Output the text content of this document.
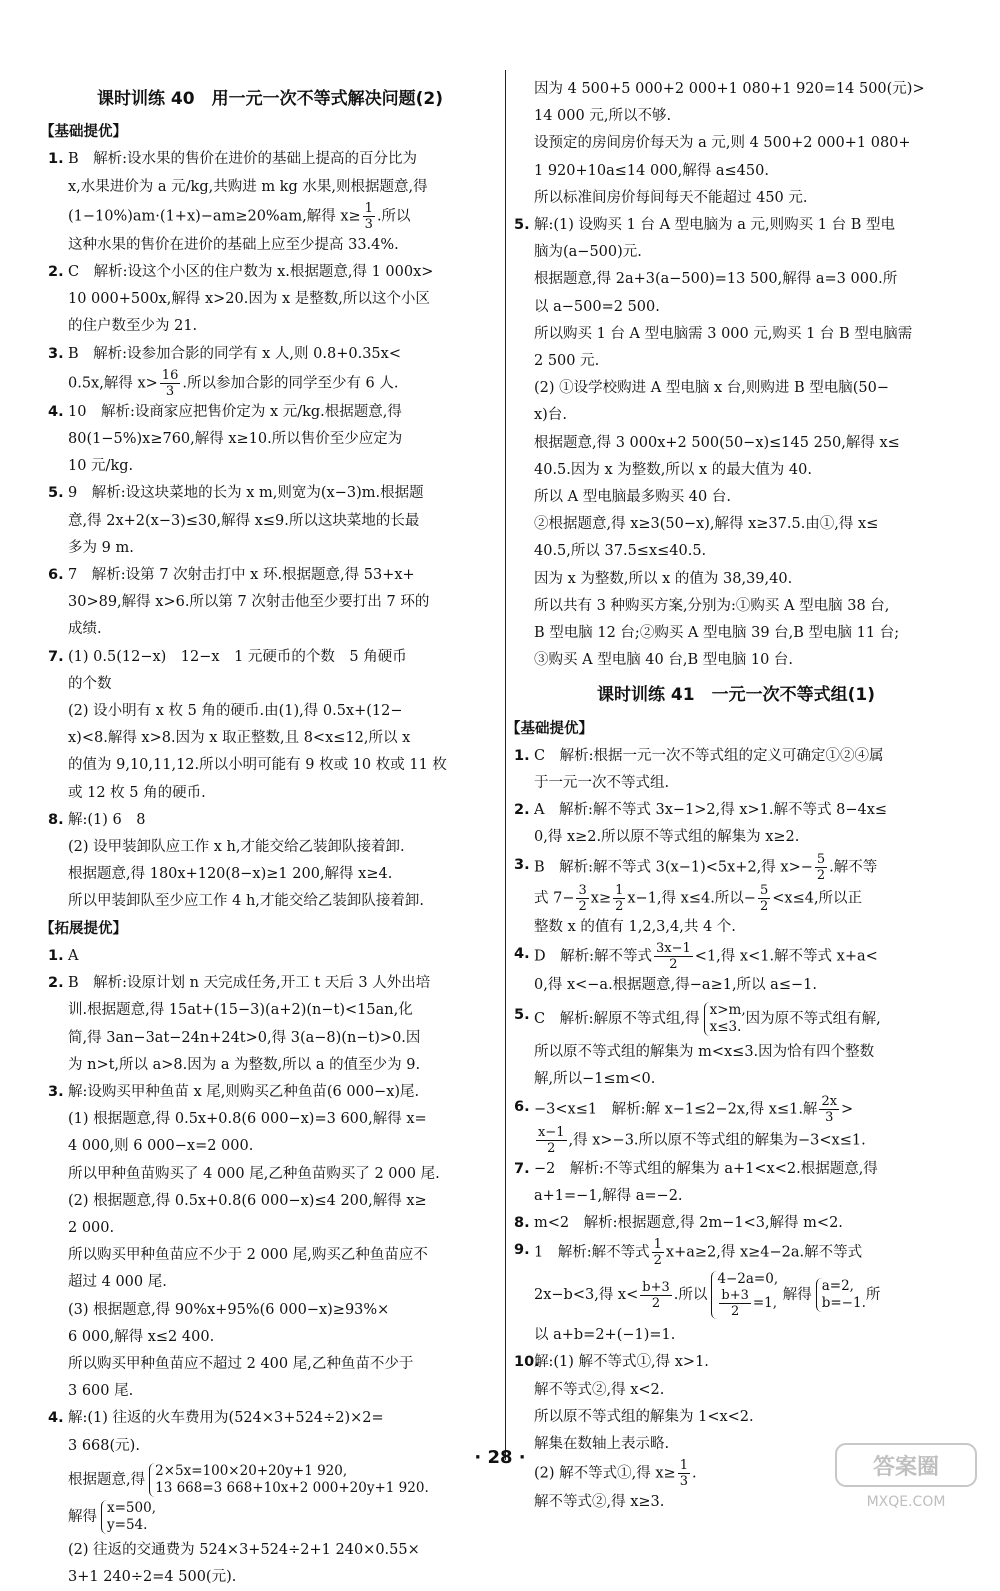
课时训练 40　用一元一次不等式解决问题(2)
【基础提优】
1. B　解析:设水果的售价在进价的基础上提高的百分比为
x,水果进价为 a 元/kg,共购进 m kg 水果,则根据题意,得
(1−10%)am·(1+x)−am≥20%am,解得 $x\ge \frac{1}{3}$ .所以
这种水果的售价在进价的基础上应至少提高 33.4%.
2. C　解析:设这个小区的住户数为 x.根据题意,得 1 000x>
10 000+500x,解得 x>20.因为 x 是整数,所以这个小区
的住户数至少为 21.
3. B　解析:设参加合影的同学有 x 人,则 0.8+0.35x<
0.5x,解得 $x> \frac{16}{3}$ .所以参加合影的同学至少有 6 人.
4. 10　解析:设商家应把售价定为 x 元/kg.根据题意,得
80(1−5%)x≥760,解得 x≥10.所以售价至少应定为
10 元/kg.
5. 9　解析:设这块菜地的长为 x m,则宽为(x−3)m.根据题
意,得 2x+2(x−3)≤30,解得 x≤9.所以这块菜地的长最
多为 9 m.
6. 7　解析:设第 7 次射击打中 x 环.根据题意,得 53+x+
30>89,解得 x>6.所以第 7 次射击他至少要打出 7 环的
成绩.
7. (1) 0.5(12−x)　12−x　1 元硬币的个数　5 角硬币
的个数
(2) 设小明有 x 枚 5 角的硬币.由(1),得 0.5x+(12−
x)<8.解得 x>8.因为 x 取正整数,且 8<x≤12,所以 x
的值为 9,10,11,12.所以小明可能有 9 枚或 10 枚或 11 枚
或 12 枚 5 角的硬币.
8. 解:(1) 6　8
(2) 设甲装卸队应工作 x h,才能交给乙装卸队接着卸.
根据题意,得 180x+120(8−x)≥1 200,解得 x≥4.
所以甲装卸队至少应工作 4 h,才能交给乙装卸队接着卸.
【拓展提优】
1. A
2. B　解析:设原计划 n 天完成任务,开工 t 天后 3 人外出培
训.根据题意,得 15at+(15−3)(a+2)(n−t)<15an,化
简,得 3an−3at−24n+24t>0,得 3(a−8)(n−t)>0.因
为 n>t,所以 a>8.因为 a 为整数,所以 a 的值至少为 9.
3. 解:设购买甲种鱼苗 x 尾,则购买乙种鱼苗(6 000−x)尾.
(1) 根据题意,得 0.5x+0.8(6 000−x)=3 600,解得 x=
4 000,则 6 000−x=2 000.
所以甲种鱼苗购买了 4 000 尾,乙种鱼苗购买了 2 000 尾.
(2) 根据题意,得 0.5x+0.8(6 000−x)≤4 200,解得 x≥
2 000.
所以购买甲种鱼苗应不少于 2 000 尾,购买乙种鱼苗应不
超过 4 000 尾.
(3) 根据题意,得 90%x+95%(6 000−x)≥93%×
6 000,解得 x≤2 400.
所以购买甲种鱼苗应不超过 2 400 尾,乙种鱼苗不少于
3 600 尾.
4. 解:(1) 往返的火车费用为(524×3+524÷2)×2=
3 668(元).
根据题意,得
2×5x=100×20+20y+1 920,
13 668=3 668+10x+2 000+20y+1 920.
解得
x=500,
y=54.
(2) 往返的交通费为 524×3+524÷2+1 240×0.55×
3+1 240÷2=4 500(元).
因为 4 500+5 000+2 000+1 080+1 920=14 500(元)>
14 000 元,所以不够.
设预定的房间房价每天为 a 元,则 4 500+2 000+1 080+
1 920+10a≤14 000,解得 a≤450.
所以标准间房价每间每天不能超过 450 元.
5. 解:(1) 设购买 1 台 A 型电脑为 a 元,则购买 1 台 B 型电
脑为(a−500)元.
根据题意,得 2a+3(a−500)=13 500,解得 a=3 000.所
以 a−500=2 500.
所以购买 1 台 A 型电脑需 3 000 元,购买 1 台 B 型电脑需
2 500 元.
(2) ①设学校购进 A 型电脑 x 台,则购进 B 型电脑(50−
x)台.
根据题意,得 3 000x+2 500(50−x)≤145 250,解得 x≤
40.5.因为 x 为整数,所以 x 的最大值为 40.
所以 A 型电脑最多购买 40 台.
②根据题意,得 x≥3(50−x),解得 x≥37.5.由①,得 x≤
40.5,所以 37.5≤x≤40.5.
因为 x 为整数,所以 x 的值为 38,39,40.
所以共有 3 种购买方案,分别为:①购买 A 型电脑 38 台,
B 型电脑 12 台;②购买 A 型电脑 39 台,B 型电脑 11 台;
③购买 A 型电脑 40 台,B 型电脑 10 台.
课时训练 41　一元一次不等式组(1)
【基础提优】
1. C　解析:根据一元一次不等式组的定义可确定①②④属
于一元一次不等式组.
2. A　解析:解不等式 3x−1>2,得 x>1.解不等式 8−4x≤
0,得 x≥2.所以原不等式组的解集为 x≥2.
3. B　解析:解不等式 3(x−1)<5x+2,得 $x>- \frac{5}{2}$ .解不等
式 $7- \frac{3}{2} x\ge \frac{1}{2} x-1$,得 x≤4.所以− $\frac{5}{2} <x\le 4$,所以正
整数 x 的值有 1,2,3,4,共 4 个.
4. D　解析:解不等式 $\frac{3x-1}{2} <1$,得 x<1.解不等式 x+a<
0,得 x<−a.根据题意,得−a≥1,所以 a≤−1.
5. C　解析:解原不等式组,得
x>m,
x≤3. 因为原不等式组有解,
所以原不等式组的解集为 m<x≤3.因为恰有四个整数
解,所以−1≤m<0.
6. −3<x≤1　解析:解 x−1≤2−2x,得 x≤1.解 $\frac{2x}{3}$ >
$\frac{x-1}{2}$ ,得 x>−3.所以原不等式组的解集为−3<x≤1.
7. −2　解析:不等式组的解集为 a+1<x<2.根据题意,得
a+1=−1,解得 a=−2.
8. m<2　解析:根据题意,得 2m−1<3,解得 m<2.
9. 1　解析:解不等式 $\frac{1}{2} x+a\ge 2$,得 x≥4−2a.解不等式
2x−b<3,得 $x< \frac{b+3}{2}$ .所以
4−2a=0,
$\frac{b+3}{2} =1$, 解得
a=2,
b=−1. 所
以 a+b=2+(−1)=1.
10.
解:(1) 解不等式①,得 x>1.
解不等式②,得 x<2.
所以原不等式组的解集为 1<x<2.
解集在数轴上表示略.
(2) 解不等式①,得 $x\ge \frac{1}{3}$ .
解不等式②,得 x≥3.
· 28 ·	答案圈
MXQE.COM
